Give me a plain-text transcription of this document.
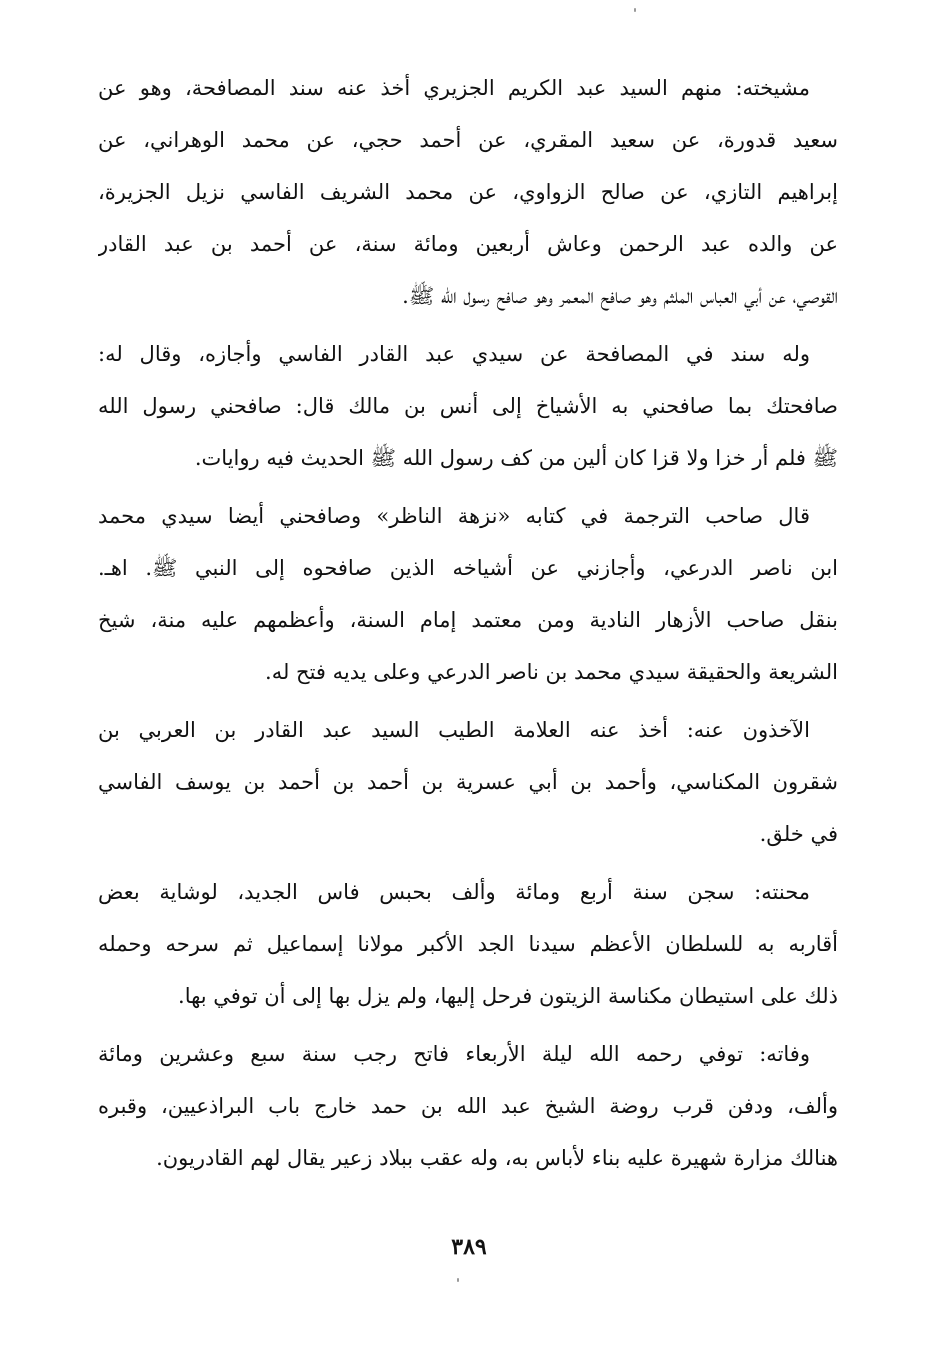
مشيخته: منهم السيد عبد الكريم الجزيري أخذ عنه سند المصافحة، وهو عن
سعيد قدورة، عن سعيد المقري، عن أحمد حجي، عن محمد الوهراني، عن
إبراهيم التازي، عن صالح الزواوي، عن محمد الشريف الفاسي نزيل الجزيرة،
عن والده عبد الرحمن وعاش أربعين ومائة سنة، عن أحمد بن عبد القادر
القوصي، عن أبي العباس الملثم وهو صافح المعمر وهو صافح رسول الله ﷺ.
وله سند في المصافحة عن سيدي عبد القادر الفاسي وأجازه، وقال له:
صافحتك بما صافحني به الأشياخ إلى أنس بن مالك قال: صافحني رسول الله
ﷺ فلم أر خزا ولا قزا كان ألين من كف رسول الله ﷺ الحديث فيه روايات.
قال صاحب الترجمة في كتابه «نزهة الناظر» وصافحني أيضا سيدي محمد
ابن ناصر الدرعي، وأجازني عن أشياخه الذين صافحوه إلى النبي ﷺ. اهـ.
بنقل صاحب الأزهار النادية ومن معتمد إمام السنة، وأعظمهم عليه منة، شيخ
الشريعة والحقيقة سيدي محمد بن ناصر الدرعي وعلى يديه فتح له.
الآخذون عنه: أخذ عنه العلامة الطيب السيد عبد القادر بن العربي بن
شقرون المكناسي، وأحمد بن أبي عسرية بن أحمد بن أحمد بن يوسف الفاسي
في خلق.
محنته: سجن سنة أربع ومائة وألف بحبس فاس الجديد، لوشاية بعض
أقاربه به للسلطان الأعظم سيدنا الجد الأكبر مولانا إسماعيل ثم سرحه وحمله
ذلك على استيطان مكناسة الزيتون فرحل إليها، ولم يزل بها إلى أن توفي بها.
وفاته: توفي رحمه الله ليلة الأربعاء فاتح رجب سنة سبع وعشرين ومائة
وألف، ودفن قرب روضة الشيخ عبد الله بن حمد خارج باب البراذعيين، وقبره
هنالك مزارة شهيرة عليه بناء لأباس به، وله عقب ببلاد زعير يقال لهم القادريون.
٣٨٩
